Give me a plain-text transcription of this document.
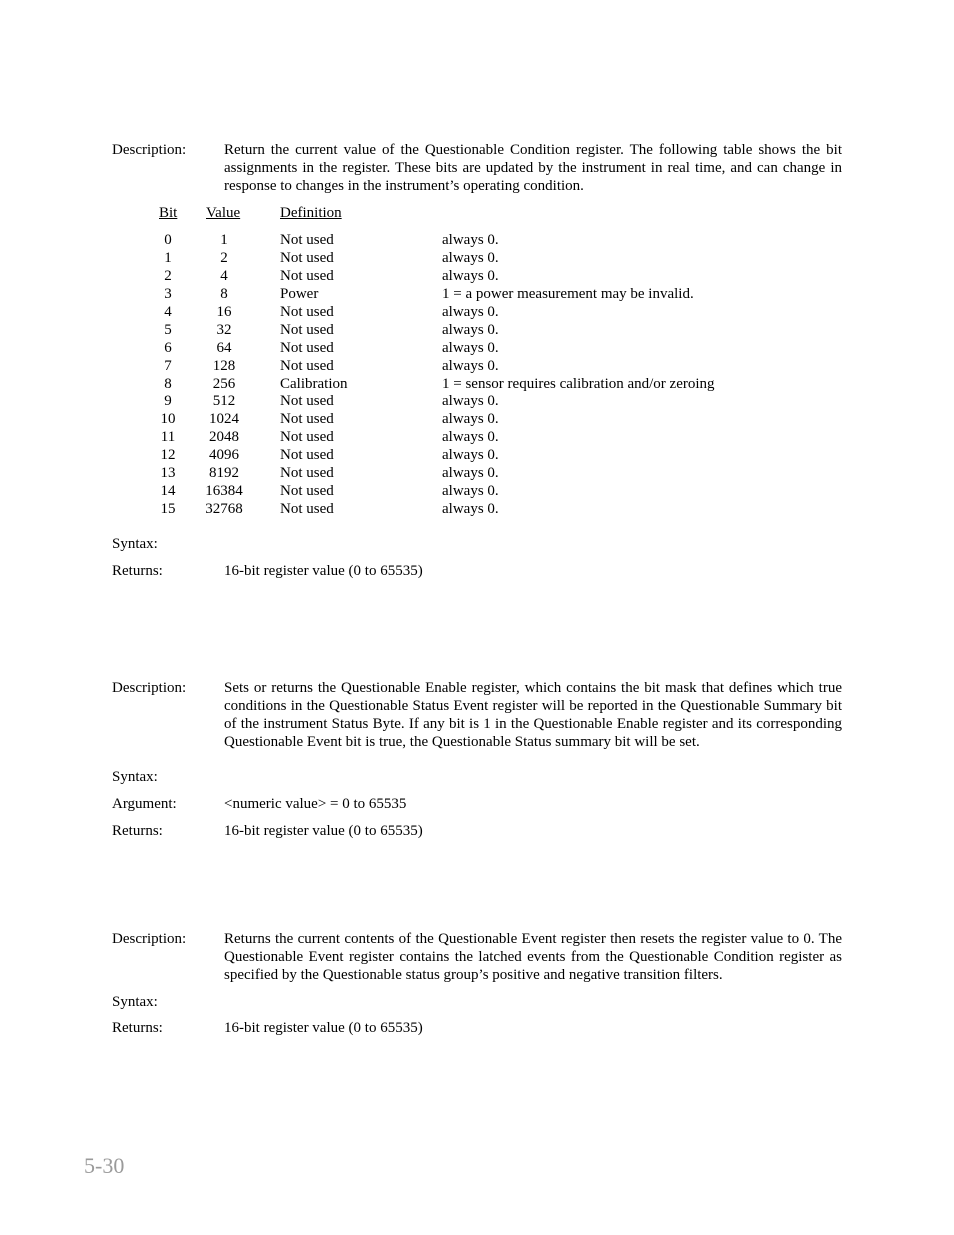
Description:	Return the current value of the Questionable Condition register. The following table shows the bit assignments in the register. These bits are updated by the instrument in real time, and can change in response to changes in the instrument’s operating condition.
Bit Value	Definition
0	1	Not used	always 0.
1	2	Not used	always 0.
2	4	Not used	always 0.
3	8	Power	1 = a power measurement may be invalid.
4	16	Not used	always 0.
5	32	Not used	always 0.
6	64	Not used	always 0.
7	128	Not used	always 0.
8	256	Calibration	1 = sensor requires calibration and/or zeroing
9	512	Not used	always 0.
10	1024	Not used	always 0.
11	2048	Not used	always 0.
12	4096	Not used	always 0.
13	8192	Not used	always 0.
14	16384	Not used	always 0.
15	32768	Not used	always 0.
Syntax:
Returns:	16-bit register value (0 to 65535)
Description:	Sets or returns the Questionable Enable register, which contains the bit mask that defines which true conditions in the Questionable Status Event register will be reported in the Questionable Summary bit of the instrument Status Byte. If any bit is 1 in the Questionable Enable register and its corresponding Questionable Event bit is true, the Questionable Status summary bit will be set.
Syntax:
Argument:	<numeric value> = 0 to 65535
Returns:	16-bit register value (0 to 65535)
Description:	Returns the current contents of the Questionable Event register then resets the register value to 0. The Questionable Event register contains the latched events from the Questionable Condition register as specified by the Questionable status group’s positive and negative transition filters.
Syntax:
Returns:	16-bit register value (0 to 65535)
5-30
